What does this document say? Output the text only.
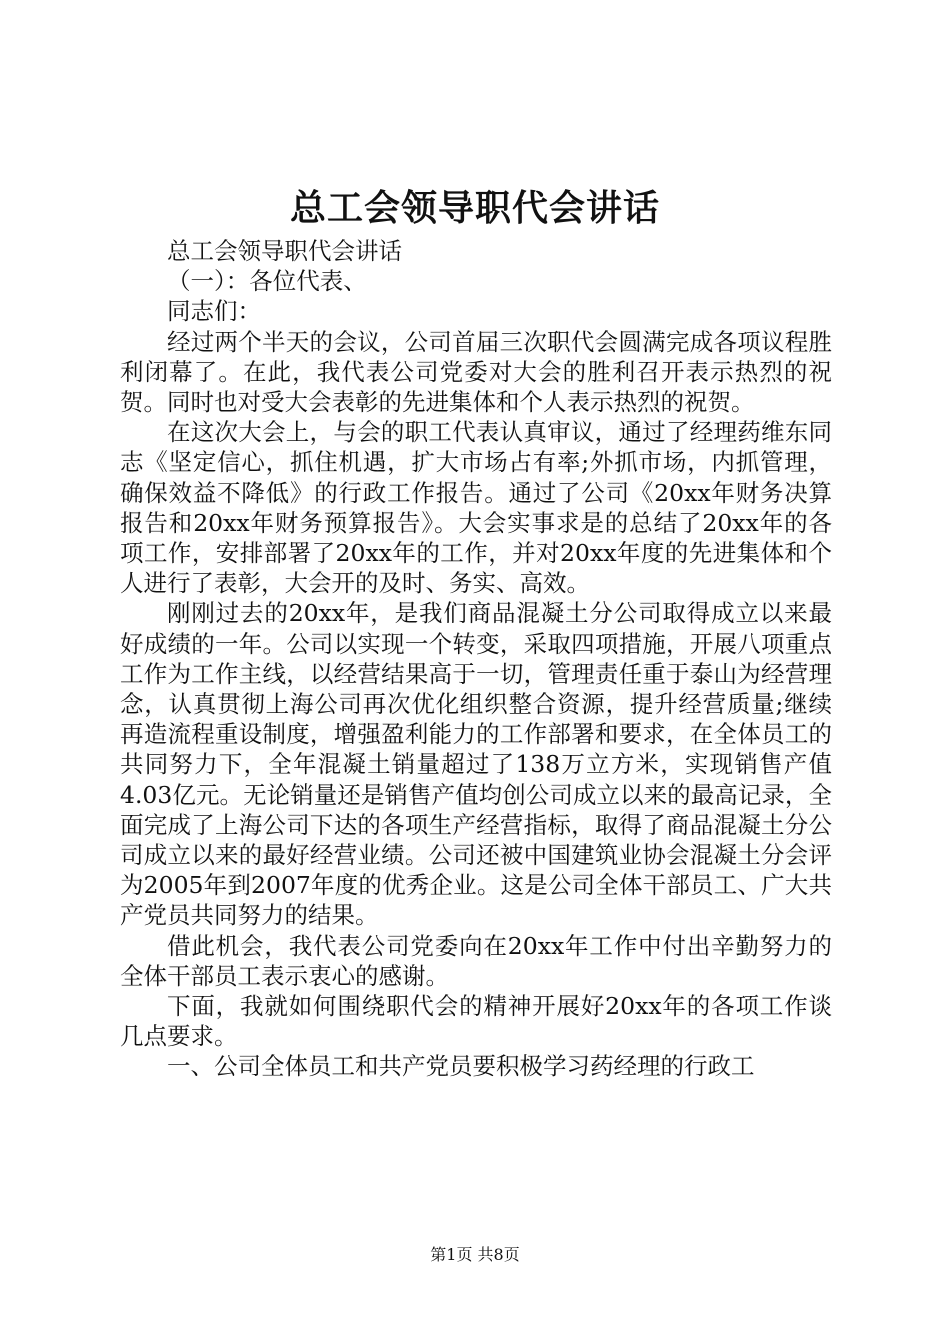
总工会领导职代会讲话

总工会领导职代会讲话

（一）：各位代表、

同志们：

经过两个半天的会议，公司首届三次职代会圆满完成各项议程胜利闭幕了。在此，我代表公司党委对大会的胜利召开表示热烈的祝贺。同时也对受大会表彰的先进集体和个人表示热烈的祝贺。

在这次大会上，与会的职工代表认真审议，通过了经理药维东同志《坚定信心，抓住机遇，扩大市场占有率;外抓市场，内抓管理，确保效益不降低》的行政工作报告。通过了公司《20xx年财务决算报告和20xx年财务预算报告》。大会实事求是的总结了20xx年的各项工作，安排部署了20xx年的工作，并对20xx年度的先进集体和个人进行了表彰，大会开的及时、务实、高效。

刚刚过去的20xx年，是我们商品混凝土分公司取得成立以来最好成绩的一年。公司以实现一个转变，采取四项措施，开展八项重点工作为工作主线，以经营结果高于一切，管理责任重于泰山为经营理念，认真贯彻上海公司再次优化组织整合资源，提升经营质量;继续再造流程重设制度，增强盈利能力的工作部署和要求，在全体员工的共同努力下，全年混凝土销量超过了138万立方米，实现销售产值4.03亿元。无论销量还是销售产值均创公司成立以来的最高记录，全面完成了上海公司下达的各项生产经营指标，取得了商品混凝土分公司成立以来的最好经营业绩。公司还被中国建筑业协会混凝土分会评为2005年到2007年度的优秀企业。这是公司全体干部员工、广大共产党员共同努力的结果。

借此机会，我代表公司党委向在20xx年工作中付出辛勤努力的全体干部员工表示衷心的感谢。

下面，我就如何围绕职代会的精神开展好20xx年的各项工作谈几点要求。

一、公司全体员工和共产党员要积极学习药经理的行政工

第1页 共8页
